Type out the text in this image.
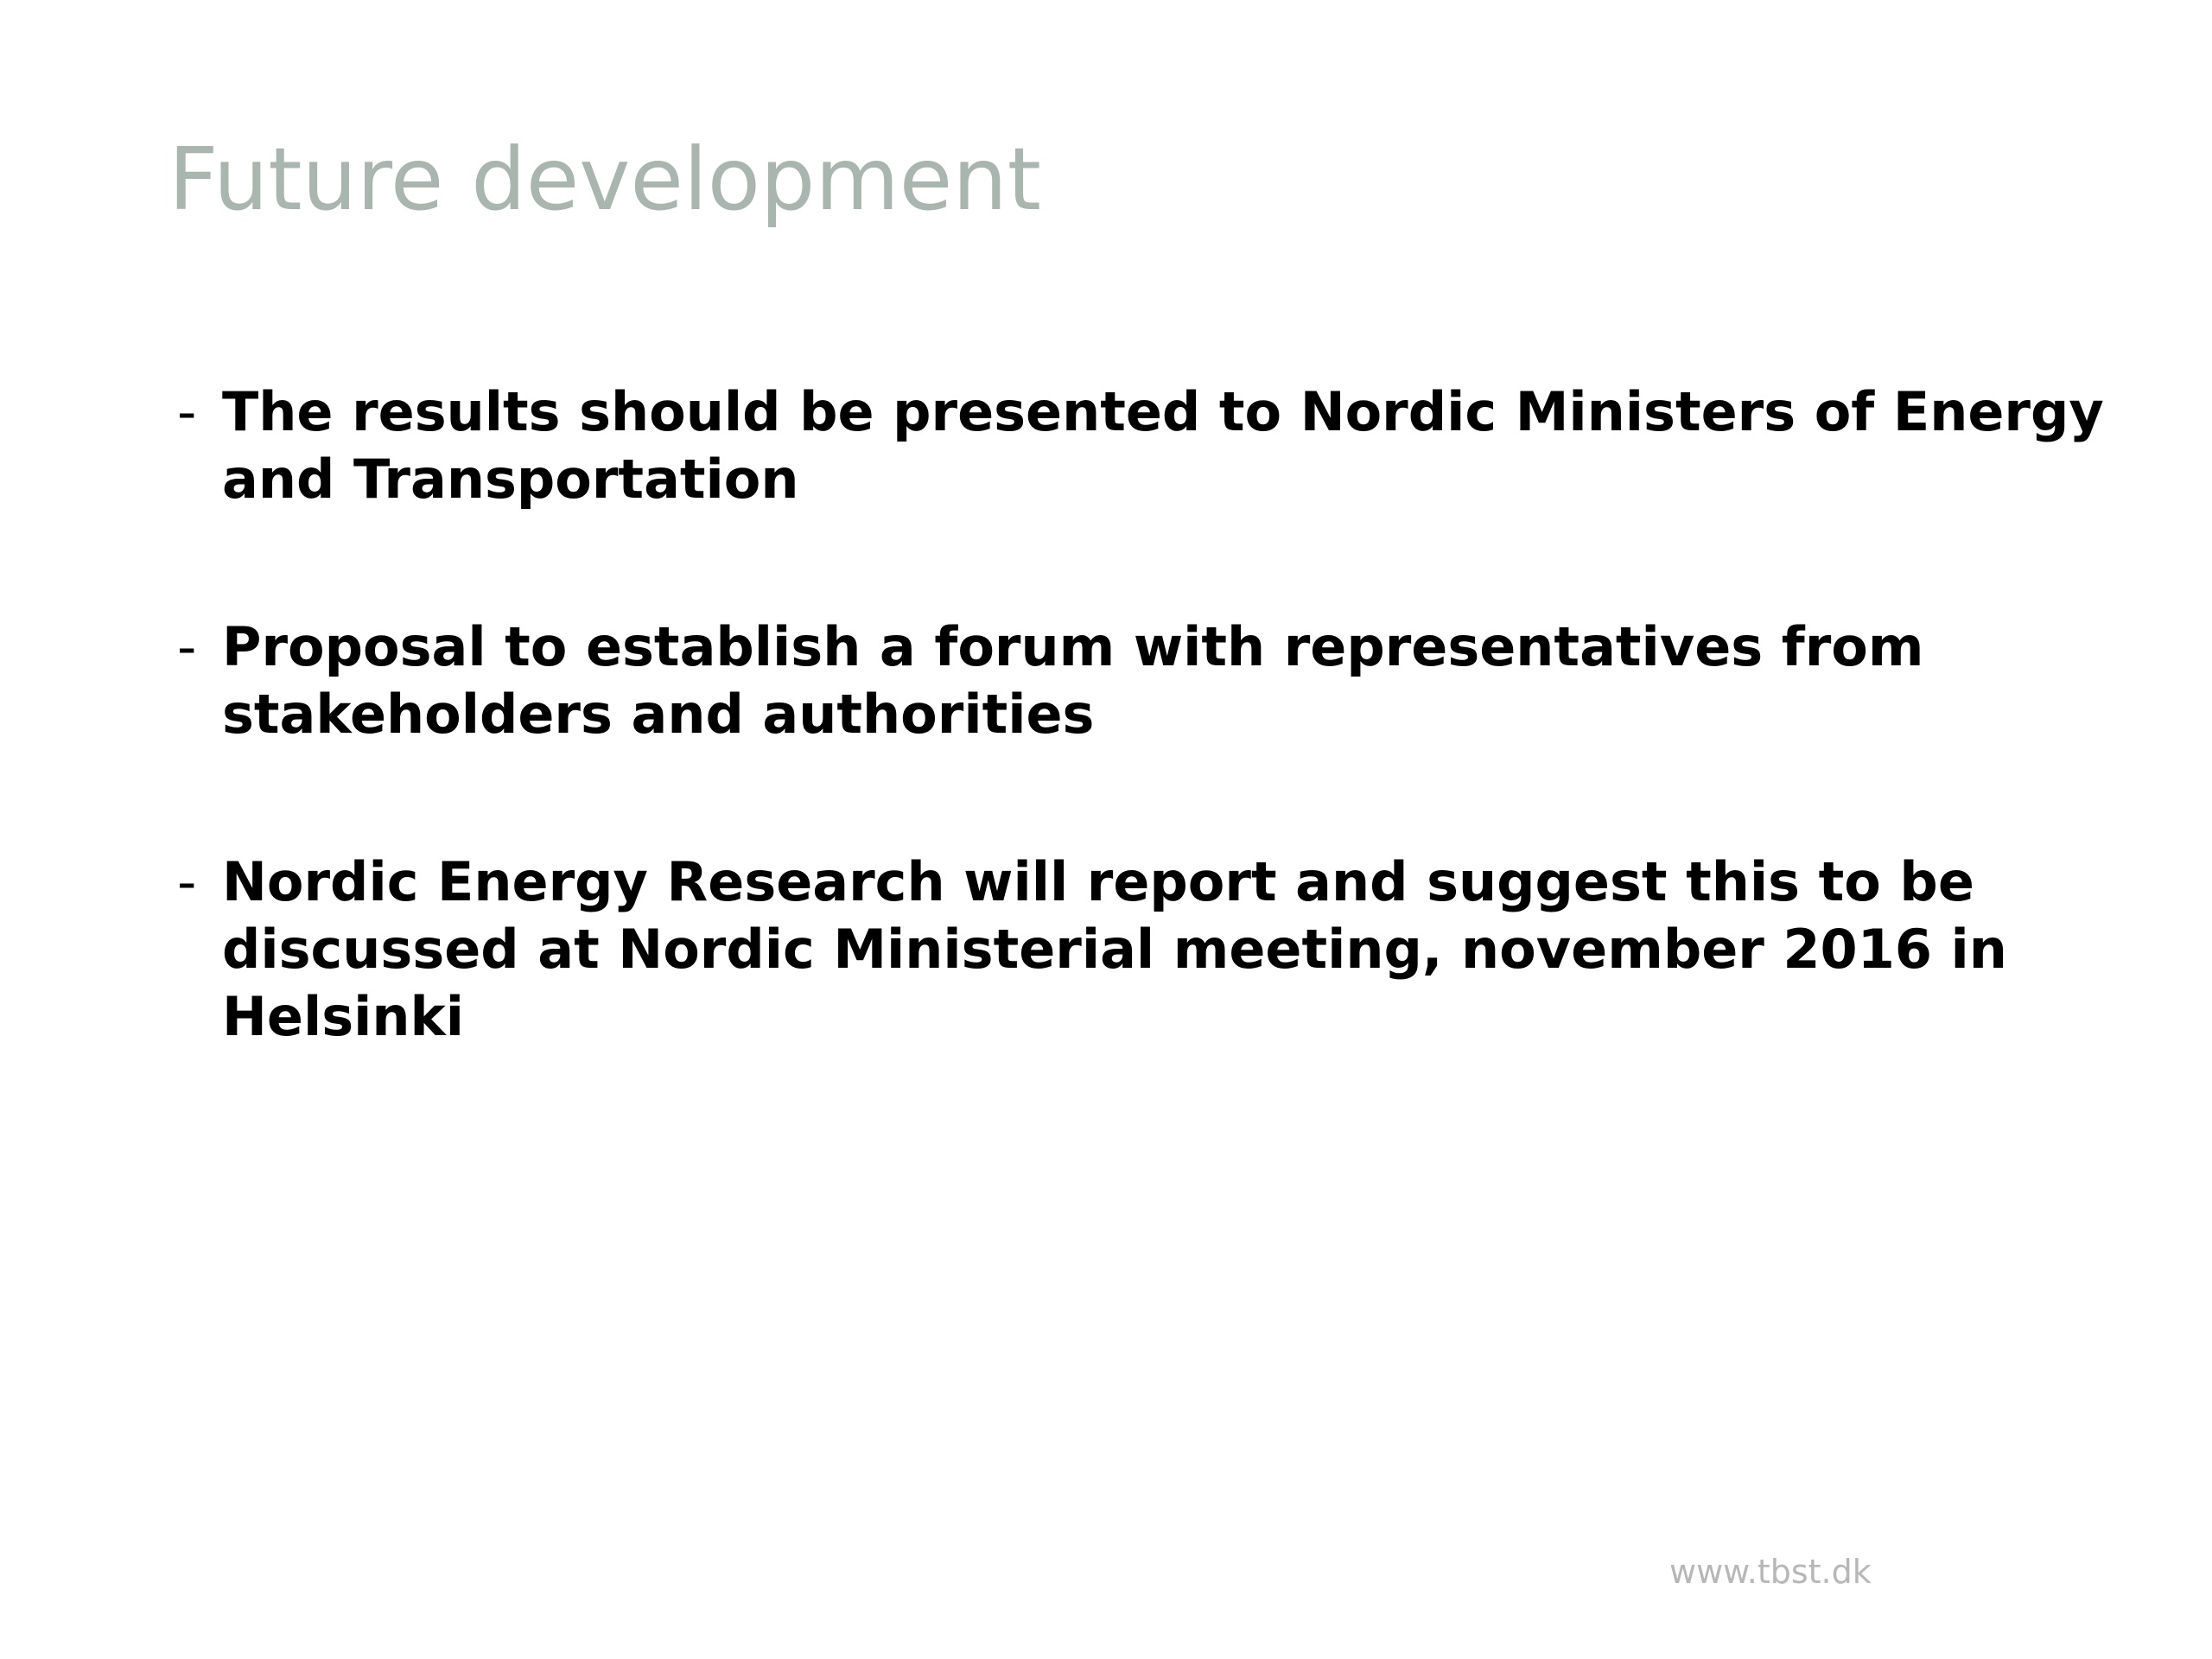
Future development
- The results should be presented to Nordic Ministers of Energy and Transportation
- Proposal to establish a forum with representatives from stakeholders and authorities
- Nordic Energy Research will report and suggest this to be discussed at Nordic Ministerial meeting, november 2016 in Helsinki
www.tbst.dk
